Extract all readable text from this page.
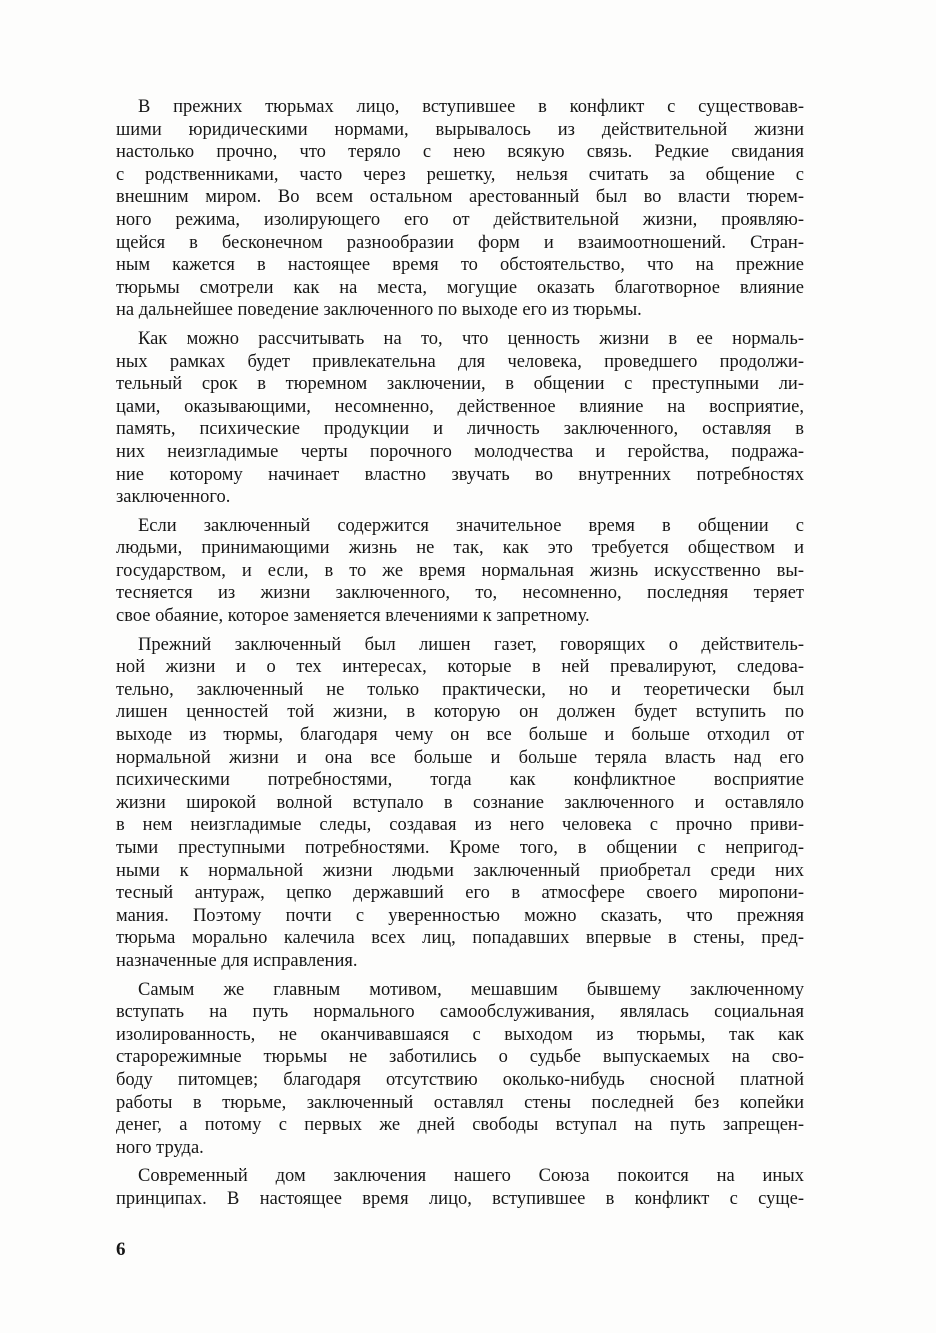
В прежних тюрьмах лицо, вступившее в конфликт с существовав-
шими юридическими нормами, вырывалось из действительной жизни
настолько прочно, что теряло с нею всякую связь. Редкие свидания
с родственниками, часто через решетку, нельзя считать за общение с
внешним миром. Во всем остальном арестованный был во власти тюрем-
ного режима, изолирующего его от действительной жизни, проявляю-
щейся в бесконечном разнообразии форм и взаимоотношений. Стран-
ным кажется в настоящее время то обстоятельство, что на прежние
тюрьмы смотрели как на места, могущие оказать благотворное влияние
на дальнейшее поведение заключенного по выходе его из тюрьмы.
Как можно рассчитывать на то, что ценность жизни в ее нормаль-
ных рамках будет привлекательна для человека, проведшего продолжи-
тельный срок в тюремном заключении, в общении с преступными ли-
цами, оказывающими, несомненно, действенное влияние на восприятие,
память, психические продукции и личность заключенного, оставляя в
них неизгладимые черты порочного молодчества и геройства, подража-
ние которому начинает властно звучать во внутренних потребностях
заключенного.
Если заключенный содержится значительное время в общении с
людьми, принимающими жизнь не так, как это требуется обществом и
государством, и если, в то же время нормальная жизнь искусственно вы-
тесняется из жизни заключенного, то, несомненно, последняя теряет
свое обаяние, которое заменяется влечениями к запретному.
Прежний заключенный был лишен газет, говорящих о действитель-
ной жизни и о тех интересах, которые в ней превалируют, следова-
тельно, заключенный не только практически, но и теоретически был
лишен ценностей той жизни, в которую он должен будет вступить по
выходе из тюрмы, благодаря чему он все больше и больше отходил от
нормальной жизни и она все больше и больше теряла власть над его
психическими потребностями, тогда как конфликтное восприятие
жизни широкой волной вступало в сознание заключенного и оставляло
в нем неизгладимые следы, создавая из него человека с прочно приви-
тыми преступными потребностями. Кроме того, в общении с непригод-
ными к нормальной жизни людьми заключенный приобретал среди них
тесный антураж, цепко державший его в атмосфере своего миропони-
мания. Поэтому почти с уверенностью можно сказать, что прежняя
тюрьма морально калечила всех лиц, попадавших впервые в стены, пред-
назначенные для исправления.
Самым же главным мотивом, мешавшим бывшему заключенному
вступать на путь нормального самообслуживания, являлась социальная
изолированность, не оканчивавшаяся с выходом из тюрьмы, так как
старорежимные тюрьмы не заботились о судьбе выпускаемых на сво-
боду питомцев; благодаря отсутствию околько-нибудь сносной платной
работы в тюрьме, заключенный оставлял стены последней без копейки
денег, а потому с первых же дней свободы вступал на путь запрещен-
ного труда.
Современный дом заключения нашего Союза покоится на иных
принципах. В настоящее время лицо, вступившее в конфликт с суще-
6
